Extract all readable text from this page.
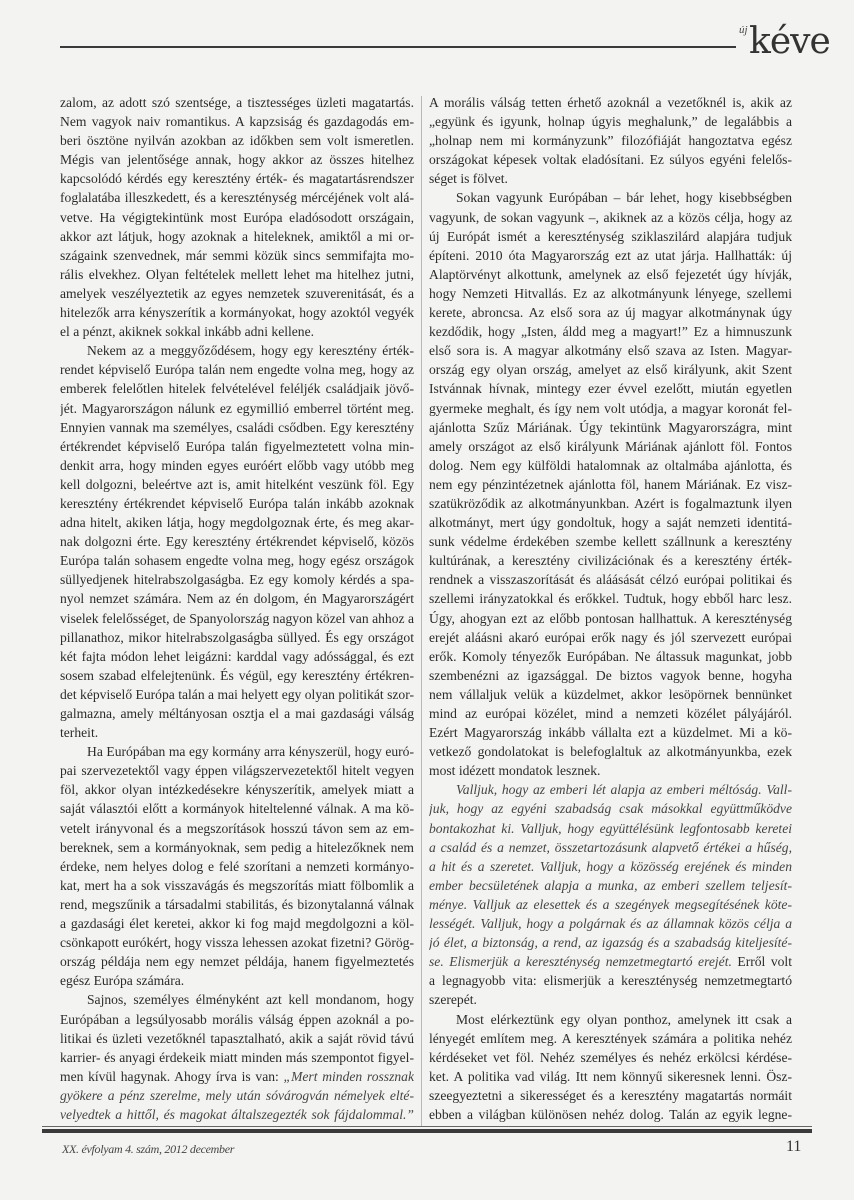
új kéve
zalom, az adott szó szentsége, a tisztességes üzleti magatartás.
Nem vagyok naiv romantikus. A kapzsiság és gazdagodás em-
beri ösztöne nyilván azokban az időkben sem volt ismeretlen.
Mégis van jelentősége annak, hogy akkor az összes hitelhez
kapcsolódó kérdés egy keresztény érték- és magatartásrendszer
foglalatába illeszkedett, és a kereszténység mércéjének volt alá-
vetve. Ha végigtekintünk most Európa eladósodott országain,
akkor azt látjuk, hogy azoknak a hiteleknek, amiktől a mi or-
szágaink szenvednek, már semmi közük sincs semmifajta mo-
rális elvekhez. Olyan feltételek mellett lehet ma hitelhez jutni,
amelyek veszélyeztetik az egyes nemzetek szuverenitását, és a
hitelezők arra kényszerítik a kormányokat, hogy azoktól vegyék
el a pénzt, akiknek sokkal inkább adni kellene.
Nekem az a meggyőződésem, hogy egy keresztény érték-
rendet képviselő Európa talán nem engedte volna meg, hogy az
emberek felelőtlen hitelek felvételével feléljék családjaik jövő-
jét. Magyarországon nálunk ez egymillió emberrel történt meg.
Ennyien vannak ma személyes, családi csődben. Egy keresztény
értékrendet képviselő Európa talán figyelmeztetett volna min-
denkit arra, hogy minden egyes euróért előbb vagy utóbb meg
kell dolgozni, beleértve azt is, amit hitelként veszünk föl. Egy
keresztény értékrendet képviselő Európa talán inkább azoknak
adna hitelt, akiken látja, hogy megdolgoznak érte, és meg akar-
nak dolgozni érte. Egy keresztény értékrendet képviselő, közös
Európa talán sohasem engedte volna meg, hogy egész országok
süllyedjenek hitelrabszolgaságba. Ez egy komoly kérdés a spa-
nyol nemzet számára. Nem az én dolgom, én Magyarországért
viselek felelősséget, de Spanyolország nagyon közel van ahhoz a
pillanathoz, mikor hitelrabszolgaságba süllyed. És egy országot
két fajta módon lehet leigázni: karddal vagy adóssággal, és ezt
sosem szabad elfelejtenünk. És végül, egy keresztény értékren-
det képviselő Európa talán a mai helyett egy olyan politikát szor-
galmazna, amely méltányosan osztja el a mai gazdasági válság
terheit.
Ha Európában ma egy kormány arra kényszerül, hogy euró-
pai szervezetektől vagy éppen világszervezetektől hitelt vegyen
föl, akkor olyan intézkedésekre kényszerítik, amelyek miatt a
saját választói előtt a kormányok hiteltelenné válnak. A ma kö-
vetelt irányvonal és a megszorítások hosszú távon sem az em-
bereknek, sem a kormányoknak, sem pedig a hitelezőknek nem
érdeke, nem helyes dolog e felé szorítani a nemzeti kormányo-
kat, mert ha a sok visszavágás és megszorítás miatt fölbomlik a
rend, megszűnik a társadalmi stabilitás, és bizonytalanná válnak
a gazdasági élet keretei, akkor ki fog majd megdolgozni a köl-
csönkapott eurókért, hogy vissza lehessen azokat fizetni? Görög-
ország példája nem egy nemzet példája, hanem figyelmeztetés
egész Európa számára.
Sajnos, személyes élményként azt kell mondanom, hogy
Európában a legsúlyosabb morális válság éppen azoknál a po-
litikai és üzleti vezetőknél tapasztalható, akik a saját rövid távú
karrier- és anyagi érdekeik miatt minden más szempontot figyel-
men kívül hagynak. Ahogy írva is van: „Mert minden rossznak
gyökere a pénz szerelme, mely után sóvárogván némelyek elté-
velyedtek a hittől, és magokat általszegezték sok fájdalommal.”
A morális válság tetten érhető azoknál a vezetőknél is, akik az
„együnk és igyunk, holnap úgyis meghalunk,” de legalábbis a
„holnap nem mi kormányzunk” filozófiáját hangoztatva egész
országokat képesek voltak eladósítani. Ez súlyos egyéni felelős-
séget is fölvet.
Sokan vagyunk Európában – bár lehet, hogy kisebbségben
vagyunk, de sokan vagyunk –, akiknek az a közös célja, hogy az
új Európát ismét a kereszténység sziklaszilárd alapjára tudjuk
építeni. 2010 óta Magyarország ezt az utat járja. Hallhatták: új
Alaptörvényt alkottunk, amelynek az első fejezetét úgy hívják,
hogy Nemzeti Hitvallás. Ez az alkotmányunk lényege, szellemi
kerete, abroncsa. Az első sora az új magyar alkotmánynak úgy
kezdődik, hogy „Isten, áldd meg a magyart!” Ez a himnuszunk
első sora is. A magyar alkotmány első szava az Isten. Magyar-
ország egy olyan ország, amelyet az első királyunk, akit Szent
Istvánnak hívnak, mintegy ezer évvel ezelőtt, miután egyetlen
gyermeke meghalt, és így nem volt utódja, a magyar koronát fel-
ajánlotta Szűz Máriának. Úgy tekintünk Magyarországra, mint
amely országot az első királyunk Máriának ajánlott föl. Fontos
dolog. Nem egy külföldi hatalomnak az oltalmába ajánlotta, és
nem egy pénzintézetnek ajánlotta föl, hanem Máriának. Ez visz-
szatükröződik az alkotmányunkban. Azért is fogalmaztunk ilyen
alkotmányt, mert úgy gondoltuk, hogy a saját nemzeti identitá-
sunk védelme érdekében szembe kellett szállnunk a keresztény
kultúrának, a keresztény civilizációnak és a keresztény érték-
rendnek a visszaszorítását és aláásását célzó európai politikai és
szellemi irányzatokkal és erőkkel. Tudtuk, hogy ebből harc lesz.
Úgy, ahogyan ezt az előbb pontosan hallhattuk. A kereszténység
erejét aláásni akaró európai erők nagy és jól szervezett európai
erők. Komoly tényezők Európában. Ne áltassuk magunkat, jobb
szembenézni az igazsággal. De biztos vagyok benne, hogyha
nem vállaljuk velük a küzdelmet, akkor lesöpörnek bennünket
mind az európai közélet, mind a nemzeti közélet pályájáról.
Ezért Magyarország inkább vállalta ezt a küzdelmet. Mi a kö-
vetkező gondolatokat is belefoglaltuk az alkotmányunkba, ezek
most idézett mondatok lesznek.
Valljuk, hogy az emberi lét alapja az emberi méltóság. Vall-
juk, hogy az egyéni szabadság csak másokkal együttműködve
bontakozhat ki. Valljuk, hogy együttélésünk legfontosabb keretei
a család és a nemzet, összetartozásunk alapvető értékei a hűség,
a hit és a szeretet. Valljuk, hogy a közösség erejének és minden
ember becsületének alapja a munka, az emberi szellem teljesít-
ménye. Valljuk az elesettek és a szegények megsegítésének köte-
lességét. Valljuk, hogy a polgárnak és az államnak közös célja a
jó élet, a biztonság, a rend, az igazság és a szabadság kiteljesíté-
se. Elismerjük a kereszténység nemzetmegtartó erejét. Erről volt
a legnagyobb vita: elismerjük a kereszténység nemzetmegtartó
szerepét.
Most elérkeztünk egy olyan ponthoz, amelynek itt csak a
lényegét említem meg. A keresztények számára a politika nehéz
kérdéseket vet föl. Nehéz személyes és nehéz erkölcsi kérdése-
ket. A politika vad világ. Itt nem könnyű sikeresnek lenni. Ösz-
szeegyeztetni a sikerességet és a keresztény magatartás normáit
ebben a világban különösen nehéz dolog. Talán az egyik legne-
XX. évfolyam 4. szám, 2012 december	11
